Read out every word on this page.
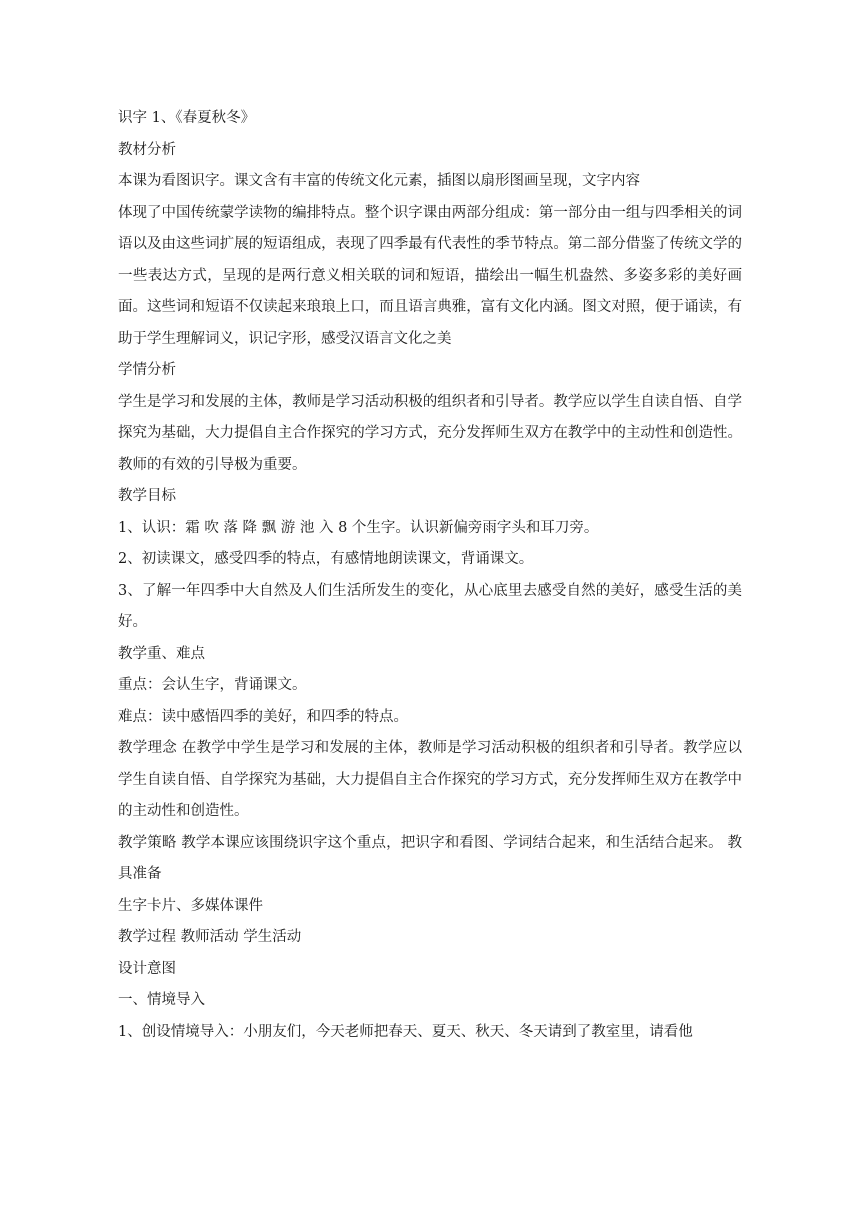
识字 1、《春夏秋冬》

教材分析

本课为看图识字。课文含有丰富的传统文化元素，插图以扇形图画呈现，文字内容

体现了中国传统蒙学读物的编排特点。整个识字课由两部分组成：第一部分由一组与四季相关的词语以及由这些词扩展的短语组成，表现了四季最有代表性的季节特点。第二部分借鉴了传统文学的一些表达方式，呈现的是两行意义相关联的词和短语，描绘出一幅生机盎然、多姿多彩的美好画面。这些词和短语不仅读起来琅琅上口，而且语言典雅，富有文化内涵。图文对照，便于诵读，有助于学生理解词义，识记字形，感受汉语言文化之美

学情分析

学生是学习和发展的主体，教师是学习活动积极的组织者和引导者。教学应以学生自读自悟、自学探究为基础，大力提倡自主合作探究的学习方式，充分发挥师生双方在教学中的主动性和创造性。教师的有效的引导极为重要。

教学目标

1、认识：霜 吹 落 降 飘 游 池 入 8 个生字。认识新偏旁雨字头和耳刀旁。

2、初读课文，感受四季的特点，有感情地朗读课文，背诵课文。

3、了解一年四季中大自然及人们生活所发生的变化，从心底里去感受自然的美好，感受生活的美好。

教学重、难点

重点：会认生字，背诵课文。

难点：读中感悟四季的美好，和四季的特点。

教学理念 在教学中学生是学习和发展的主体，教师是学习活动积极的组织者和引导者。教学应以学生自读自悟、自学探究为基础，大力提倡自主合作探究的学习方式，充分发挥师生双方在教学中的主动性和创造性。

教学策略 教学本课应该围绕识字这个重点，把识字和看图、学词结合起来，和生活结合起来。 教具准备

生字卡片、多媒体课件

教学过程 教师活动 学生活动

设计意图

一、情境导入

1、创设情境导入：小朋友们，今天老师把春天、夏天、秋天、冬天请到了教室里，请看他
